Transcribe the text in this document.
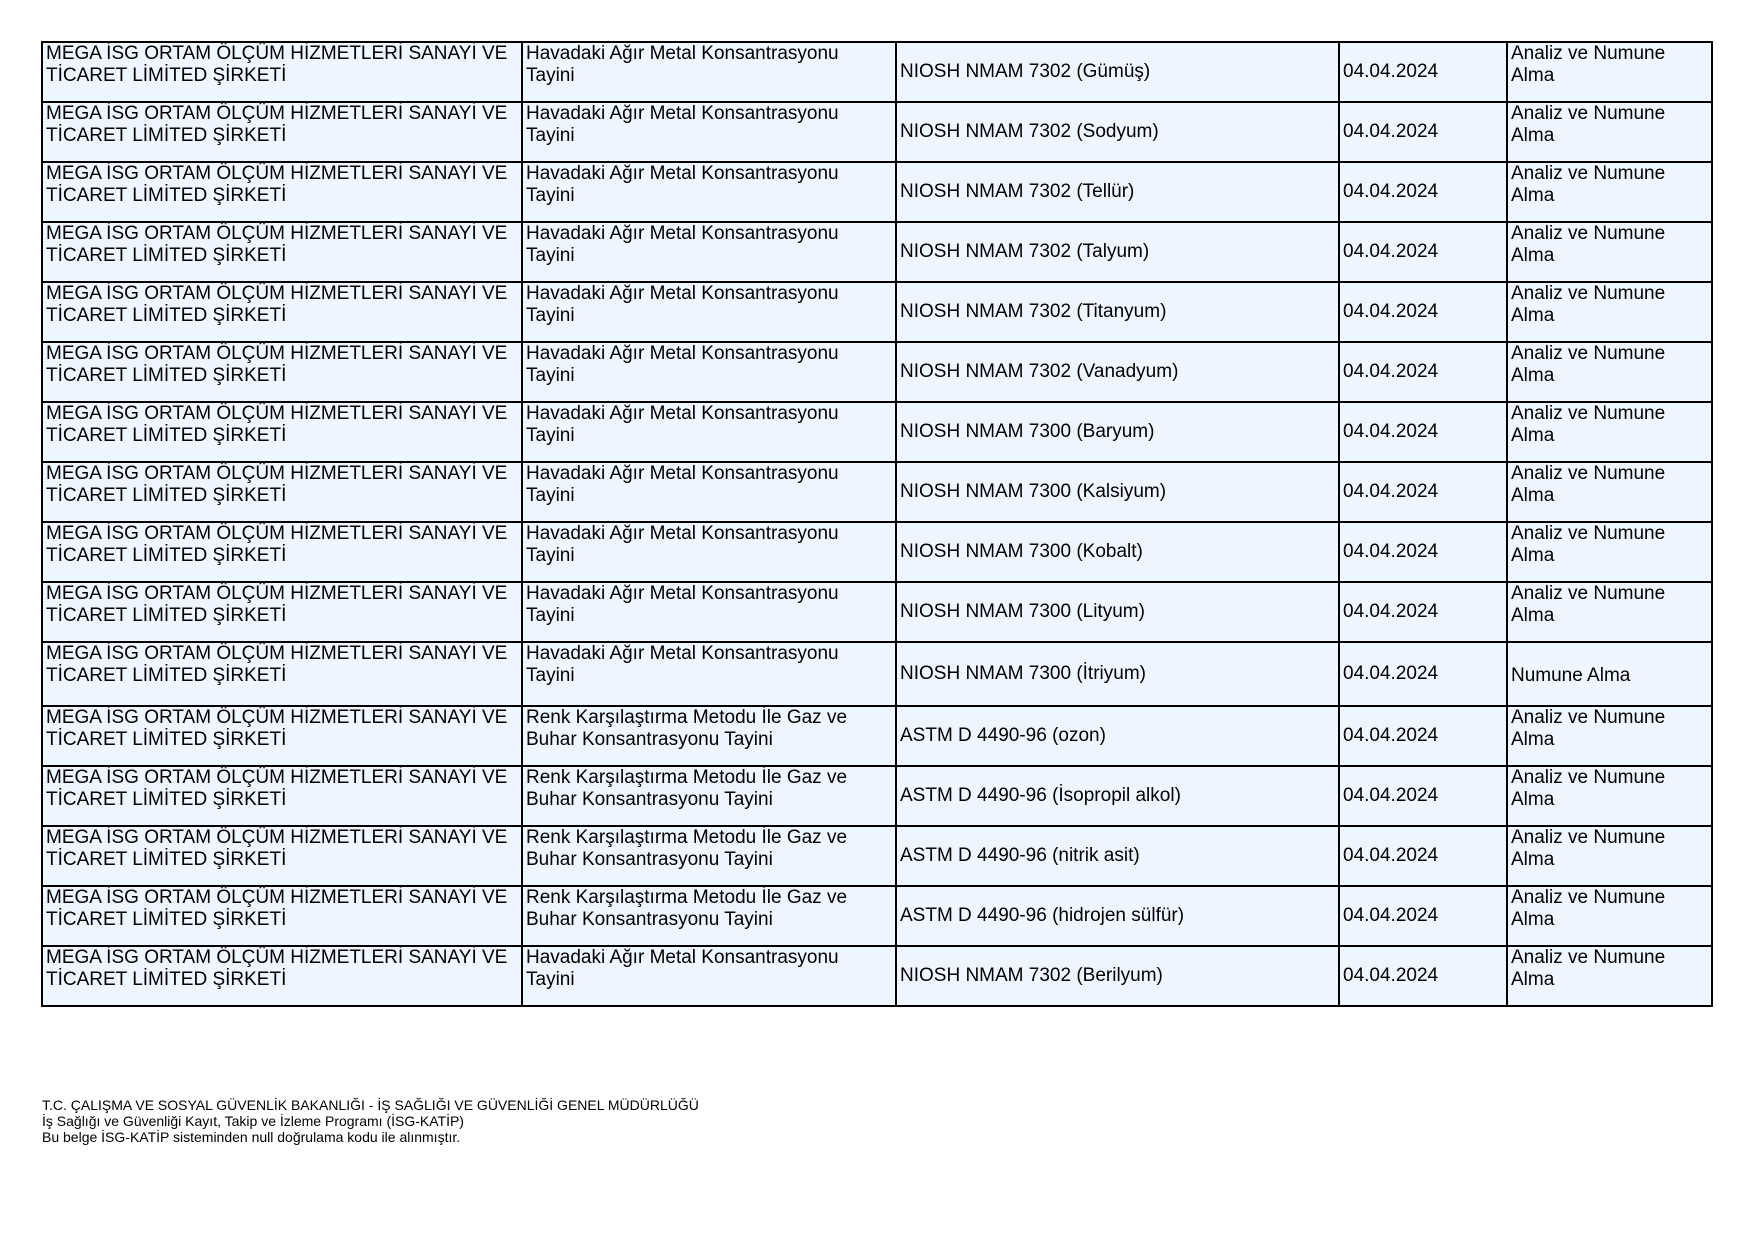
MEGA İSG ORTAM ÖLÇÜM HİZMETLERİ SANAYİ VE TİCARET LİMİTED ŞİRKETİ	Havadaki Ağır Metal Konsantrasyonu Tayini	NIOSH NMAM 7302 (Gümüş)	04.04.2024	Analiz ve Numune Alma
MEGA İSG ORTAM ÖLÇÜM HİZMETLERİ SANAYİ VE TİCARET LİMİTED ŞİRKETİ	Havadaki Ağır Metal Konsantrasyonu Tayini	NIOSH NMAM 7302 (Sodyum)	04.04.2024	Analiz ve Numune Alma
MEGA İSG ORTAM ÖLÇÜM HİZMETLERİ SANAYİ VE TİCARET LİMİTED ŞİRKETİ	Havadaki Ağır Metal Konsantrasyonu Tayini	NIOSH NMAM 7302 (Tellür)	04.04.2024	Analiz ve Numune Alma
MEGA İSG ORTAM ÖLÇÜM HİZMETLERİ SANAYİ VE TİCARET LİMİTED ŞİRKETİ	Havadaki Ağır Metal Konsantrasyonu Tayini	NIOSH NMAM 7302 (Talyum)	04.04.2024	Analiz ve Numune Alma
MEGA İSG ORTAM ÖLÇÜM HİZMETLERİ SANAYİ VE TİCARET LİMİTED ŞİRKETİ	Havadaki Ağır Metal Konsantrasyonu Tayini	NIOSH NMAM 7302 (Titanyum)	04.04.2024	Analiz ve Numune Alma
MEGA İSG ORTAM ÖLÇÜM HİZMETLERİ SANAYİ VE TİCARET LİMİTED ŞİRKETİ	Havadaki Ağır Metal Konsantrasyonu Tayini	NIOSH NMAM 7302 (Vanadyum)	04.04.2024	Analiz ve Numune Alma
MEGA İSG ORTAM ÖLÇÜM HİZMETLERİ SANAYİ VE TİCARET LİMİTED ŞİRKETİ	Havadaki Ağır Metal Konsantrasyonu Tayini	NIOSH NMAM 7300 (Baryum)	04.04.2024	Analiz ve Numune Alma
MEGA İSG ORTAM ÖLÇÜM HİZMETLERİ SANAYİ VE TİCARET LİMİTED ŞİRKETİ	Havadaki Ağır Metal Konsantrasyonu Tayini	NIOSH NMAM 7300 (Kalsiyum)	04.04.2024	Analiz ve Numune Alma
MEGA İSG ORTAM ÖLÇÜM HİZMETLERİ SANAYİ VE TİCARET LİMİTED ŞİRKETİ	Havadaki Ağır Metal Konsantrasyonu Tayini	NIOSH NMAM 7300 (Kobalt)	04.04.2024	Analiz ve Numune Alma
MEGA İSG ORTAM ÖLÇÜM HİZMETLERİ SANAYİ VE TİCARET LİMİTED ŞİRKETİ	Havadaki Ağır Metal Konsantrasyonu Tayini	NIOSH NMAM 7300 (Lityum)	04.04.2024	Analiz ve Numune Alma
MEGA İSG ORTAM ÖLÇÜM HİZMETLERİ SANAYİ VE TİCARET LİMİTED ŞİRKETİ	Havadaki Ağır Metal Konsantrasyonu Tayini	NIOSH NMAM 7300 (İtriyum)	04.04.2024	Numune Alma
MEGA İSG ORTAM ÖLÇÜM HİZMETLERİ SANAYİ VE TİCARET LİMİTED ŞİRKETİ	Renk Karşılaştırma Metodu İle Gaz ve Buhar Konsantrasyonu Tayini	ASTM D 4490-96 (ozon)	04.04.2024	Analiz ve Numune Alma
MEGA İSG ORTAM ÖLÇÜM HİZMETLERİ SANAYİ VE TİCARET LİMİTED ŞİRKETİ	Renk Karşılaştırma Metodu İle Gaz ve Buhar Konsantrasyonu Tayini	ASTM D 4490-96 (İsopropil alkol)	04.04.2024	Analiz ve Numune Alma
MEGA İSG ORTAM ÖLÇÜM HİZMETLERİ SANAYİ VE TİCARET LİMİTED ŞİRKETİ	Renk Karşılaştırma Metodu İle Gaz ve Buhar Konsantrasyonu Tayini	ASTM D 4490-96 (nitrik asit)	04.04.2024	Analiz ve Numune Alma
MEGA İSG ORTAM ÖLÇÜM HİZMETLERİ SANAYİ VE TİCARET LİMİTED ŞİRKETİ	Renk Karşılaştırma Metodu İle Gaz ve Buhar Konsantrasyonu Tayini	ASTM D 4490-96 (hidrojen sülfür)	04.04.2024	Analiz ve Numune Alma
MEGA İSG ORTAM ÖLÇÜM HİZMETLERİ SANAYİ VE TİCARET LİMİTED ŞİRKETİ	Havadaki Ağır Metal Konsantrasyonu Tayini	NIOSH NMAM 7302 (Berilyum)	04.04.2024	Analiz ve Numune Alma
T.C. ÇALIŞMA VE SOSYAL GÜVENLİK BAKANLIĞI - İŞ SAĞLIĞI VE GÜVENLİĞİ GENEL MÜDÜRLÜĞÜ
İş Sağlığı ve Güvenliği Kayıt, Takip ve İzleme Programı (İSG-KATİP)
Bu belge İSG-KATİP sisteminden null doğrulama kodu ile alınmıştır.
